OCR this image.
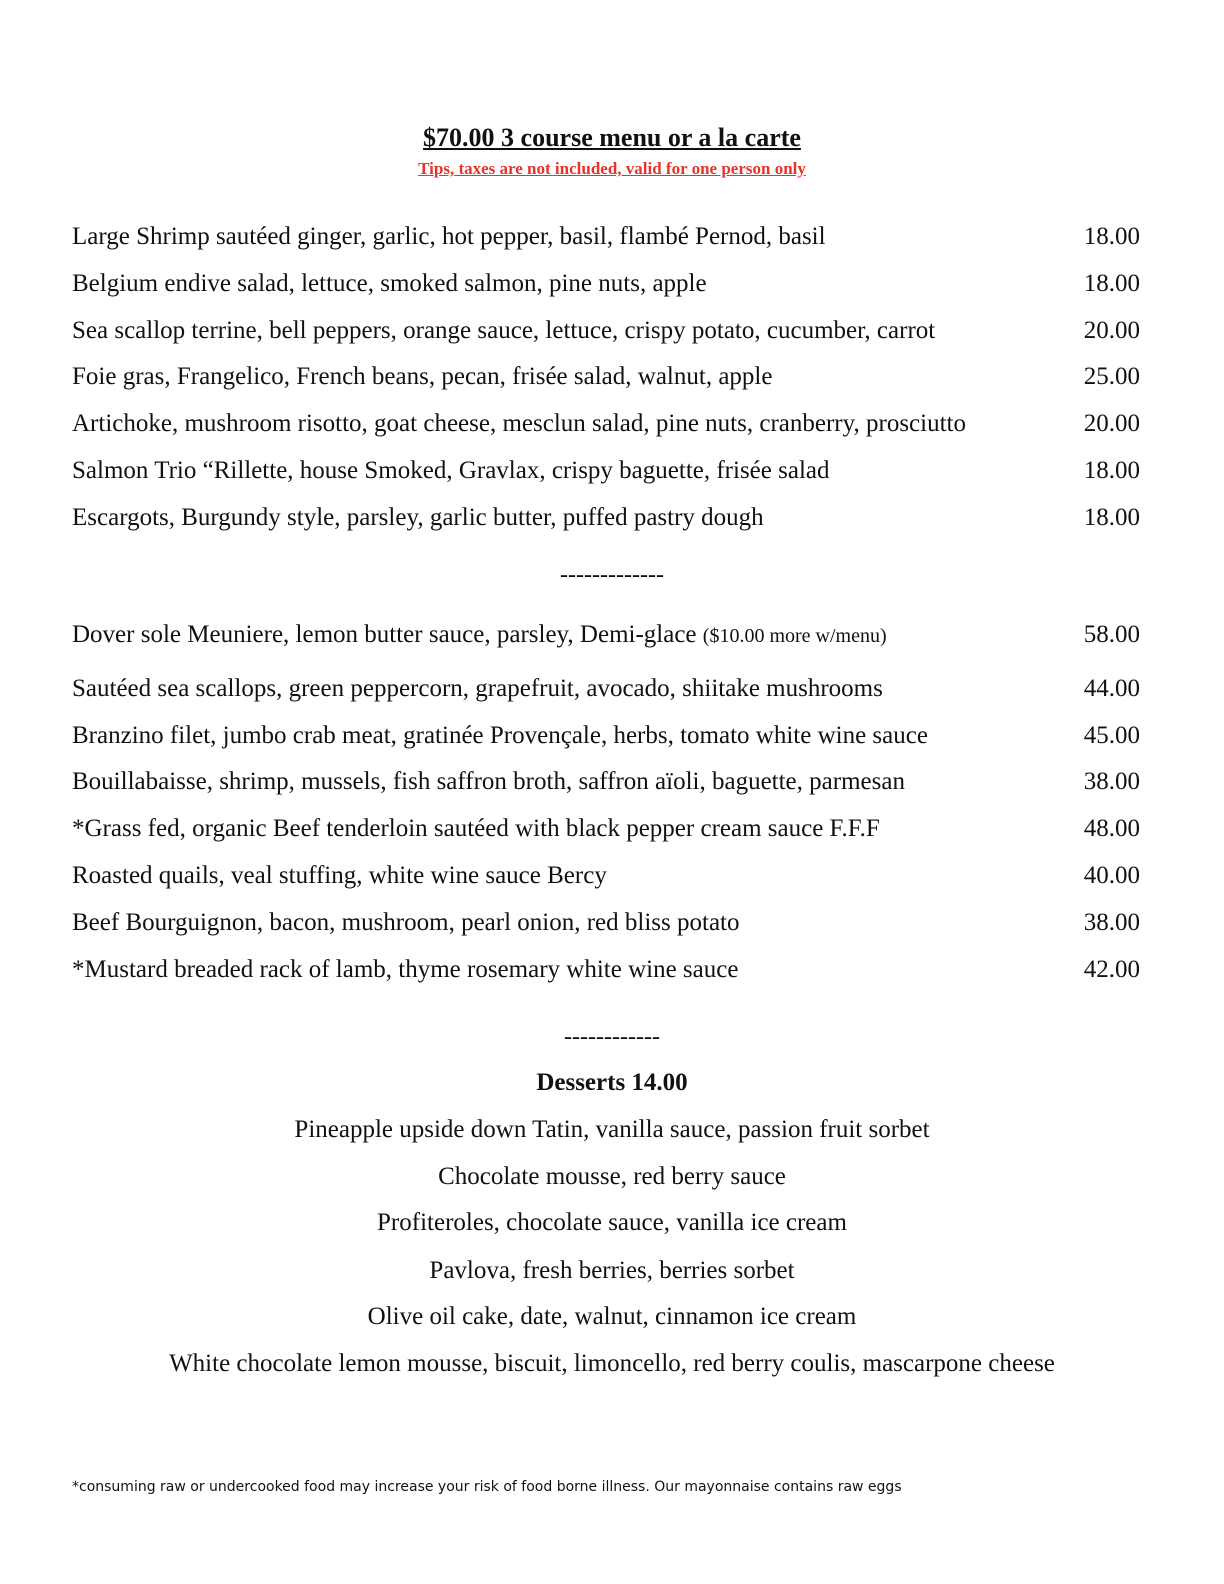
$70.00 3 course menu or a la carte
Tips, taxes are not included, valid for one person only
Large Shrimp sautéed ginger, garlic, hot pepper, basil, flambé Pernod, basil	18.00
Belgium endive salad, lettuce, smoked salmon, pine nuts, apple	18.00
Sea scallop terrine, bell peppers, orange sauce, lettuce, crispy potato, cucumber, carrot	20.00
Foie gras, Frangelico, French beans, pecan, frisée salad, walnut, apple	25.00
Artichoke, mushroom risotto, goat cheese, mesclun salad, pine nuts, cranberry, prosciutto	20.00
Salmon Trio “Rillette, house Smoked, Gravlax, crispy baguette, frisée salad	18.00
Escargots, Burgundy style, parsley, garlic butter, puffed pastry dough	18.00
-------------
Dover sole Meuniere, lemon butter sauce, parsley, Demi-glace ($10.00 more w/menu)	58.00
Sautéed sea scallops, green peppercorn, grapefruit, avocado, shiitake mushrooms	44.00
Branzino filet, jumbo crab meat, gratinée Provençale, herbs, tomato white wine sauce	45.00
Bouillabaisse, shrimp, mussels, fish saffron broth, saffron aïoli, baguette, parmesan	38.00
*Grass fed, organic Beef tenderloin sautéed with black pepper cream sauce F.F.F	48.00
Roasted quails, veal stuffing, white wine sauce Bercy	40.00
Beef Bourguignon, bacon, mushroom, pearl onion, red bliss potato	38.00
*Mustard breaded rack of lamb, thyme rosemary white wine sauce	42.00
------------
Desserts 14.00
Pineapple upside down Tatin, vanilla sauce, passion fruit sorbet
Chocolate mousse, red berry sauce
Profiteroles, chocolate sauce, vanilla ice cream
Pavlova, fresh berries, berries sorbet
Olive oil cake, date, walnut, cinnamon ice cream
White chocolate lemon mousse, biscuit, limoncello, red berry coulis, mascarpone cheese
*consuming raw or undercooked food may increase your risk of food borne illness. Our mayonnaise contains raw eggs
